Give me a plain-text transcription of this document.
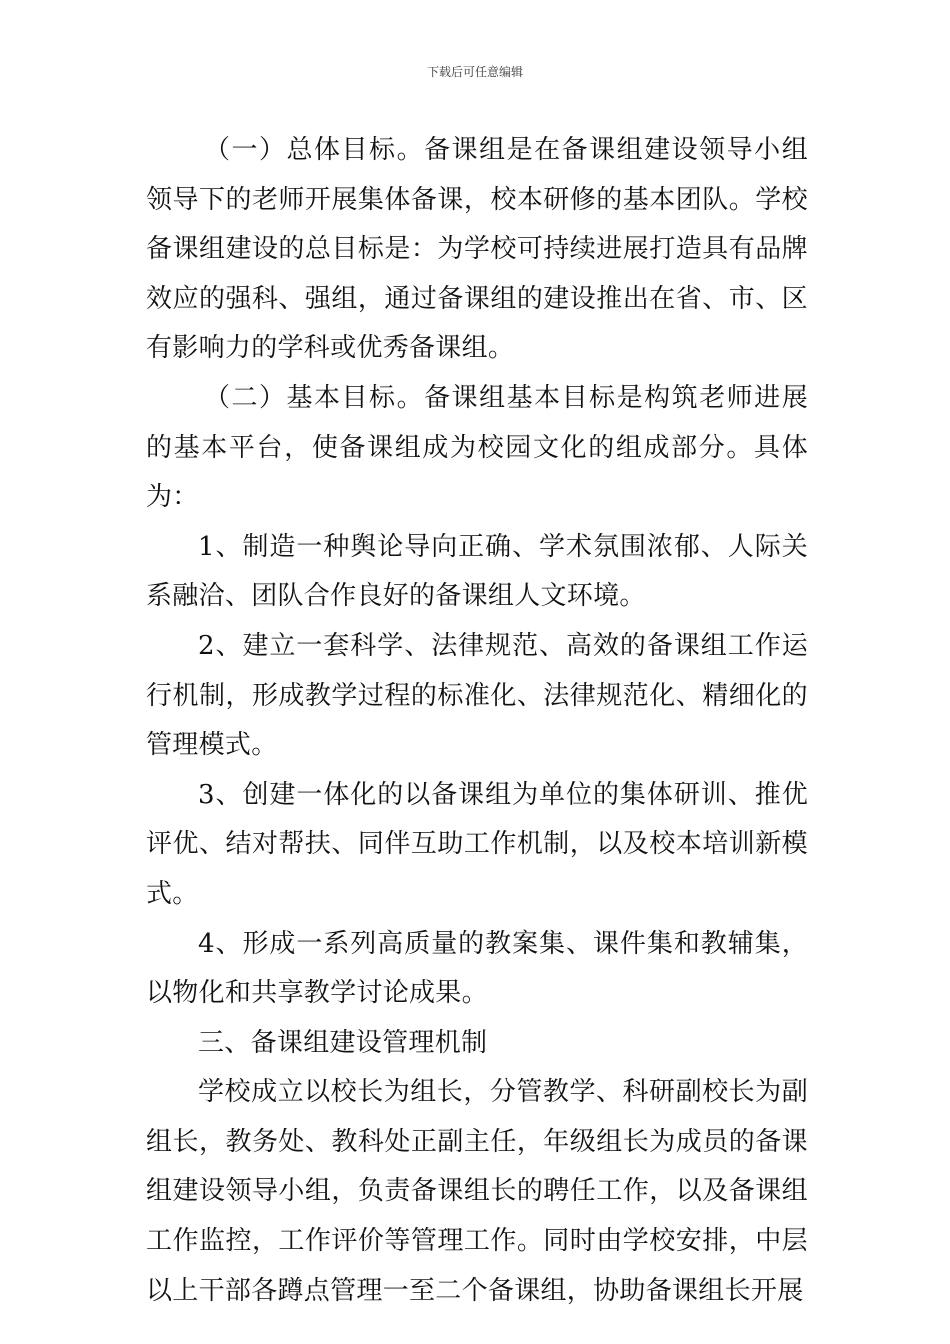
下载后可任意编辑

（一）总体目标。备课组是在备课组建设领导小组领导下的老师开展集体备课，校本研修的基本团队。学校备课组建设的总目标是：为学校可持续进展打造具有品牌效应的强科、强组，通过备课组的建设推出在省、市、区有影响力的学科或优秀备课组。

（二）基本目标。备课组基本目标是构筑老师进展的基本平台，使备课组成为校园文化的组成部分。具体为：

1、制造一种舆论导向正确、学术氛围浓郁、人际关系融洽、团队合作良好的备课组人文环境。

2、建立一套科学、法律规范、高效的备课组工作运行机制，形成教学过程的标准化、法律规范化、精细化的管理模式。

3、创建一体化的以备课组为单位的集体研训、推优评优、结对帮扶、同伴互助工作机制，以及校本培训新模式。

4、形成一系列高质量的教案集、课件集和教辅集，以物化和共享教学讨论成果。

三、备课组建设管理机制

学校成立以校长为组长，分管教学、科研副校长为副组长，教务处、教科处正副主任，年级组长为成员的备课组建设领导小组，负责备课组长的聘任工作，以及备课组工作监控，工作评价等管理工作。同时由学校安排，中层以上干部各蹲点管理一至二个备课组，协助备课组长开展
